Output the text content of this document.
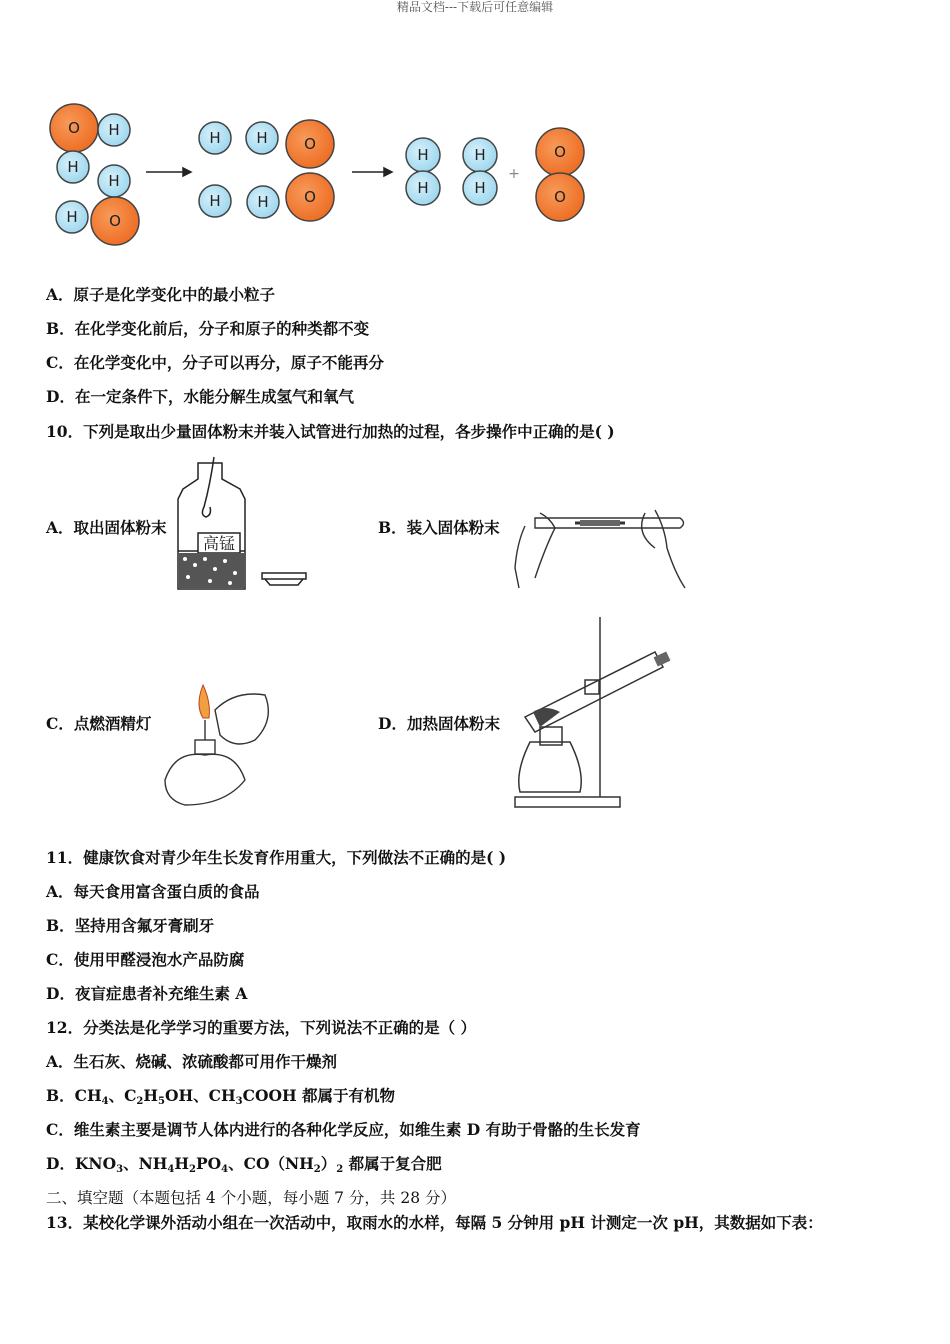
精品文档---下载后可任意编辑
O H
H
H
H O
H H O
H H O
H
H
H
H
O
O
+
A．原子是化学变化中的最小粒子
B．在化学变化前后，分子和原子的种类都不变
C．在化学变化中，分子可以再分，原子不能再分
D．在一定条件下，水能分解生成氢气和氧气
10．下列是取出少量固体粉末并装入试管进行加热的过程，各步操作中正确的是( )
A．取出固体粉末	B．装入固体粉末
C．点燃酒精灯	D．加热固体粉末
高锰
11．健康饮食对青少年生长发育作用重大，下列做法不正确的是( )
A．每天食用富含蛋白质的食品
B．坚持用含氟牙膏刷牙
C．使用甲醛浸泡水产品防腐
D．夜盲症患者补充维生素 A
12．分类法是化学学习的重要方法，下列说法不正确的是（ ）
A．生石灰、烧碱、浓硫酸都可用作干燥剂
B．$CH_4$、$C_2H_5OH$、$CH_3COOH$ 都属于有机物
C．维生素主要是调节人体内进行的各种化学反应，如维生素 D 有助于骨骼的生长发育
D．$KNO_3$、$NH_4H_2PO_4$、$CO(NH_2)_2$ 都属于复合肥
二、填空题（本题包括 4 个小题，每小题 7 分，共 28 分）
13．某校化学课外活动小组在一次活动中，取雨水的水样，每隔 5 分钟用 pH 计测定一次 pH，其数据如下表：
